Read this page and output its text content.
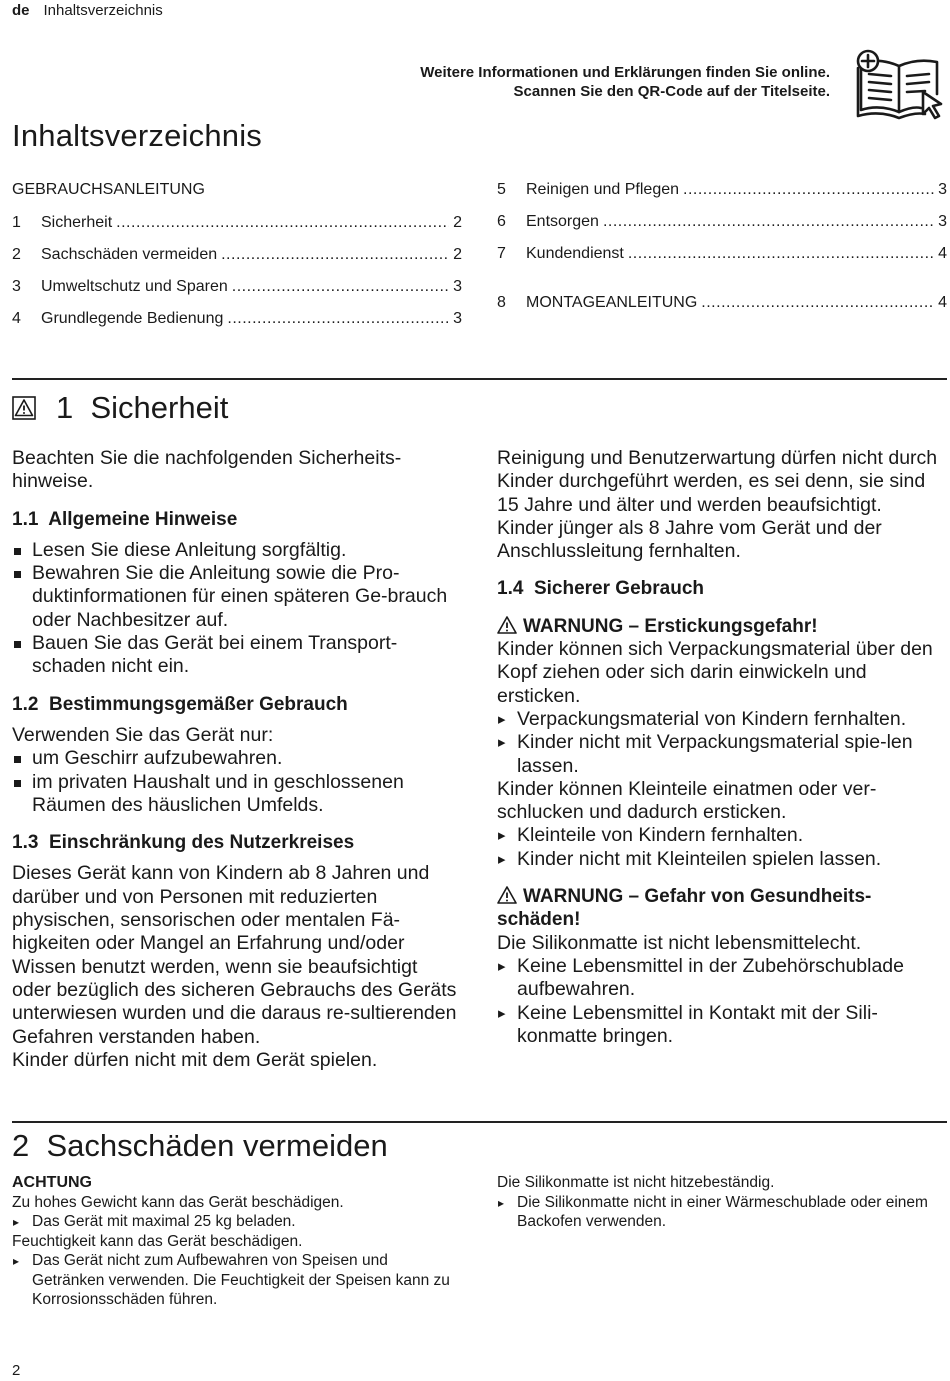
de Inhaltsverzeichnis
Weitere Informationen und Erklärungen finden Sie online.
Scannen Sie den QR-Code auf der Titelseite.
Inhaltsverzeichnis
GEBRAUCHSANLEITUNG
1	Sicherheit .....	2
2	Sachschäden vermeiden .....	2
3	Umweltschutz und Sparen .....	3
4	Grundlegende Bedienung .....	3
5	Reinigen und Pflegen .....	3
6	Entsorgen .....	3
7	Kundendienst .....	4
8	MONTAGEANLEITUNG .....	4
1  Sicherheit

Beachten Sie die nachfolgenden Sicherheits-hinweise.

1.1  Allgemeine Hinweise
Lesen Sie diese Anleitung sorgfältig.
Bewahren Sie die Anleitung sowie die Pro-duktinformationen für einen späteren Ge-brauch oder Nachbesitzer auf.
Bauen Sie das Gerät bei einem Transport-schaden nicht ein.
1.2  Bestimmungsgemäßer Gebrauch

Verwenden Sie das Gerät nur:

um Geschirr aufzubewahren.
im privaten Haushalt und in geschlossenen Räumen des häuslichen Umfelds.
1.3  Einschränkung des Nutzerkreises

Dieses Gerät kann von Kindern ab 8 Jahren und darüber und von Personen mit reduzierten physischen, sensorischen oder mentalen Fä-higkeiten oder Mangel an Erfahrung und/oder Wissen benutzt werden, wenn sie beaufsichtigt oder bezüglich des sicheren Gebrauchs des Geräts unterwiesen wurden und die daraus re-sultierenden Gefahren verstanden haben.

Kinder dürfen nicht mit dem Gerät spielen.

Reinigung und Benutzerwartung dürfen nicht durch Kinder durchgeführt werden, es sei denn, sie sind 15 Jahre und älter und werden beaufsichtigt.

Kinder jünger als 8 Jahre vom Gerät und der Anschlussleitung fernhalten.

1.4  Sicherer Gebrauch
WARNUNG – Erstickungsgefahr!

Kinder können sich Verpackungsmaterial über den Kopf ziehen oder sich darin einwickeln und ersticken.

▸ Verpackungsmaterial von Kindern fernhalten.
▸ Kinder nicht mit Verpackungsmaterial spie-len lassen.

Kinder können Kleinteile einatmen oder ver-schlucken und dadurch ersticken.

▸ Kleinteile von Kindern fernhalten.
▸ Kinder nicht mit Kleinteilen spielen lassen.
WARNUNG – Gefahr von Gesundheits-schäden!

Die Silikonmatte ist nicht lebensmittelecht.

▸ Keine Lebensmittel in der Zubehörschublade aufbewahren.
▸ Keine Lebensmittel in Kontakt mit der Sili-konmatte bringen.
2  Sachschäden vermeiden

ACHTUNG

Zu hohes Gewicht kann das Gerät beschädigen.

▸ Das Gerät mit maximal 25 kg beladen.

Feuchtigkeit kann das Gerät beschädigen.

▸ Das Gerät nicht zum Aufbewahren von Speisen und Getränken verwenden. Die Feuchtigkeit der Speisen kann zu Korrosionsschäden führen.

Die Silikonmatte ist nicht hitzebeständig.

▸ Die Silikonmatte nicht in einer Wärmeschublade oder einem Backofen verwenden.
2
